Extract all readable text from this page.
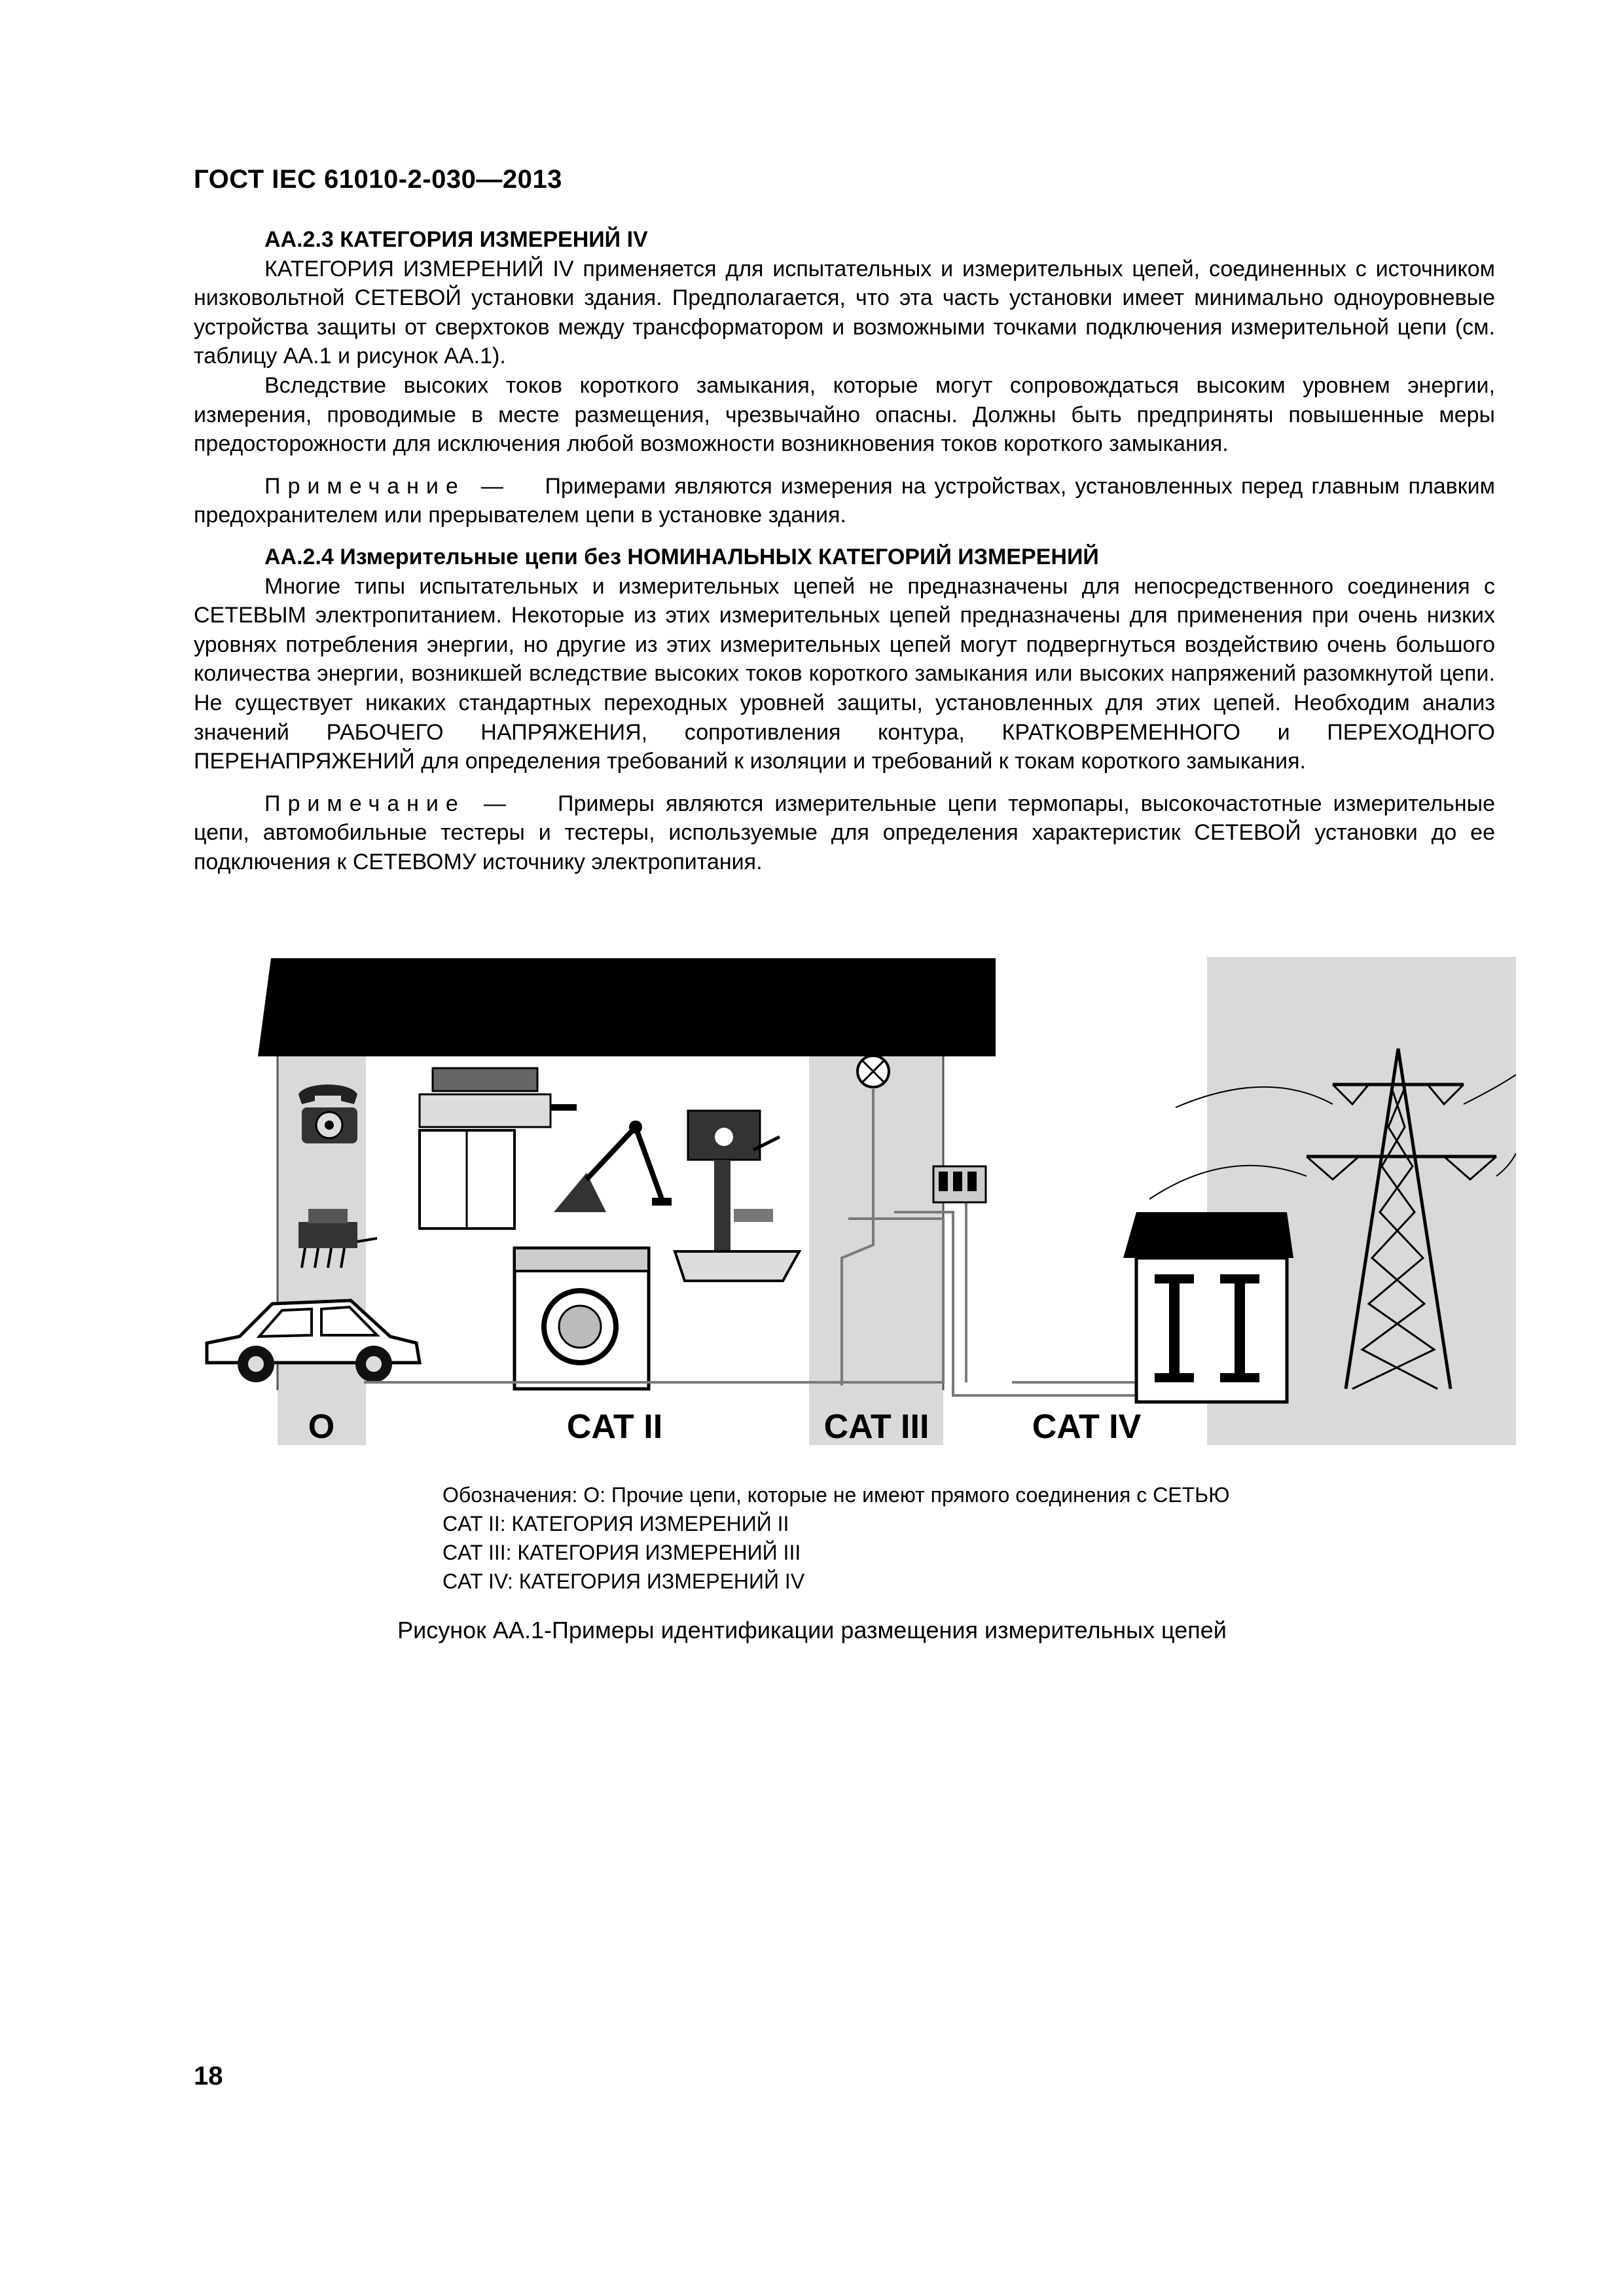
ГОСТ IEC 61010-2-030—2013

АА.2.3 КАТЕГОРИЯ ИЗМЕРЕНИЙ IV

КАТЕГОРИЯ ИЗМЕРЕНИЙ IV применяется для испытательных и измерительных цепей, соединенных с источником низковольтной СЕТЕВОЙ установки здания. Предполагается, что эта часть установки имеет минимально одноуровневые устройства защиты от сверхтоков между трансформатором и возможными точками подключения измерительной цепи (см. таблицу АА.1 и рисунок АА.1).

Вследствие высоких токов короткого замыкания, которые могут сопровождаться высоким уровнем энергии, измерения, проводимые в месте размещения, чрезвычайно опасны. Должны быть предприняты повышенные меры предосторожности для исключения любой возможности возникновения токов короткого замыкания.

Примечание — Примерами являются измерения на устройствах, установленных перед главным плавким предохранителем или прерывателем цепи в установке здания.

АА.2.4 Измерительные цепи без НОМИНАЛЬНЫХ КАТЕГОРИЙ ИЗМЕРЕНИЙ

Многие типы испытательных и измерительных цепей не предназначены для непосредственного соединения с СЕТЕВЫМ электропитанием. Некоторые из этих измерительных цепей предназначены для применения при очень низких уровнях потребления энергии, но другие из этих измерительных цепей могут подвергнуться воздействию очень большого количества энергии, возникшей вследствие высоких токов короткого замыкания или высоких напряжений разомкнутой цепи. Не существует никаких стандартных переходных уровней защиты, установленных для этих цепей. Необходим анализ значений РАБОЧЕГО НАПРЯЖЕНИЯ, сопротивления контура, КРАТКОВРЕМЕННОГО и ПЕРЕХОДНОГО ПЕРЕНАПРЯЖЕНИЙ для определения требований к изоляции и требований к токам короткого замыкания.

Примечание — Примеры являются измерительные цепи термопары, высокочастотные измерительные цепи, автомобильные тестеры и тестеры, используемые для определения характеристик СЕТЕВОЙ установки до ее подключения к СЕТЕВОМУ источнику электропитания.

O	CAT II	CAT III	CAT IV
Обозначения: О: Прочие цепи, которые не имеют прямого соединения с СЕТЬЮ
CAT II: КАТЕГОРИЯ ИЗМЕРЕНИЙ II
CAT III: КАТЕГОРИЯ ИЗМЕРЕНИЙ III
CAT IV: КАТЕГОРИЯ ИЗМЕРЕНИЙ IV
Рисунок АА.1-Примеры идентификации размещения измерительных цепей
18
